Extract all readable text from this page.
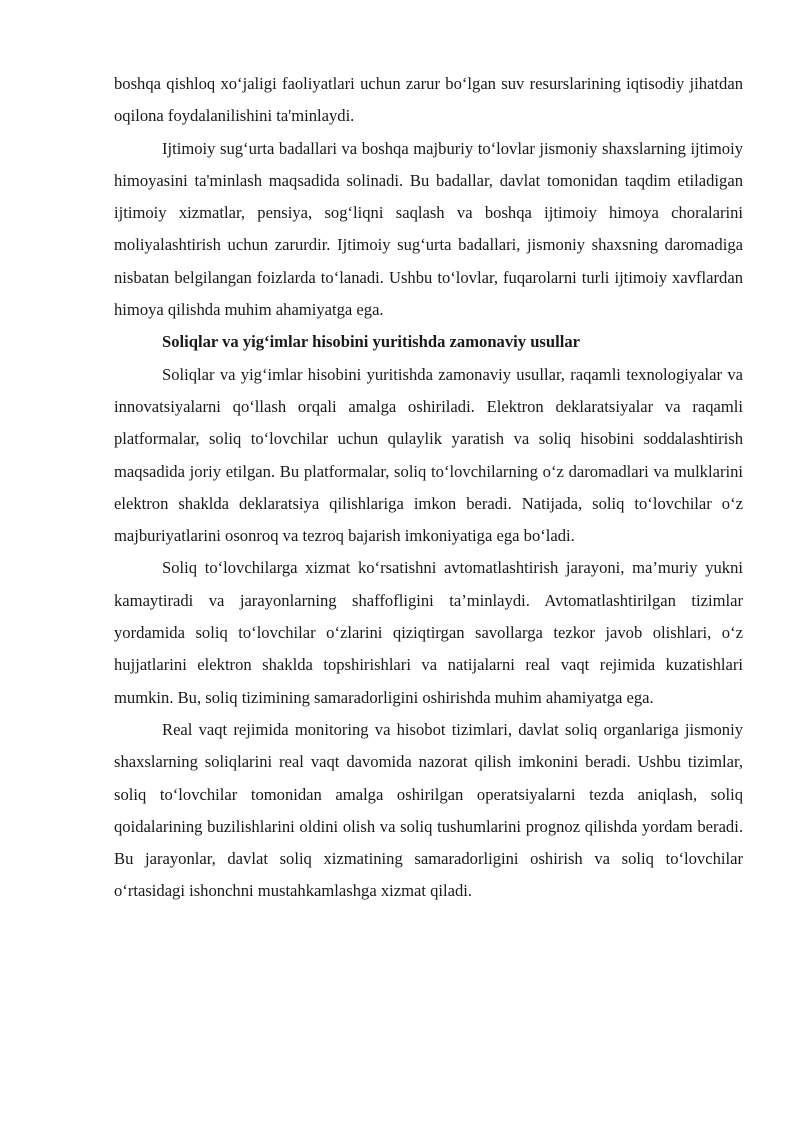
boshqa qishloq xo‘jaligi faoliyatlari uchun zarur bo‘lgan suv resurslarining iqtisodiy jihatdan oqilona foydalanilishini ta'minlaydi.

Ijtimoiy sug‘urta badallari va boshqa majburiy to‘lovlar jismoniy shaxslarning ijtimoiy himoyasini ta'minlash maqsadida solinadi. Bu badallar, davlat tomonidan taqdim etiladigan ijtimoiy xizmatlar, pensiya, sog‘liqni saqlash va boshqa ijtimoiy himoya choralarini moliyalashtirish uchun zarurdir. Ijtimoiy sug‘urta badallari, jismoniy shaxsning daromadiga nisbatan belgilangan foizlarda to‘lanadi. Ushbu to‘lovlar, fuqarolarni turli ijtimoiy xavflardan himoya qilishda muhim ahamiyatga ega.

Soliqlar va yig‘imlar hisobini yuritishda zamonaviy usullar

Soliqlar va yig‘imlar hisobini yuritishda zamonaviy usullar, raqamli texnologiyalar va innovatsiyalarni qo‘llash orqali amalga oshiriladi. Elektron deklaratsiyalar va raqamli platformalar, soliq to‘lovchilar uchun qulaylik yaratish va soliq hisobini soddalashtirish maqsadida joriy etilgan. Bu platformalar, soliq to‘lovchilarning o‘z daromadlari va mulklarini elektron shaklda deklaratsiya qilishlariga imkon beradi. Natijada, soliq to‘lovchilar o‘z majburiyatlarini osonroq va tezroq bajarish imkoniyatiga ega bo‘ladi.

Soliq to‘lovchilarga xizmat ko‘rsatishni avtomatlashtirish jarayoni, ma’muriy yukni kamaytiradi va jarayonlarning shaffofligini ta’minlaydi. Avtomatlashtirilgan tizimlar yordamida soliq to‘lovchilar o‘zlarini qiziqtirgan savollarga tezkor javob olishlari, o‘z hujjatlarini elektron shaklda topshirishlari va natijalarni real vaqt rejimida kuzatishlari mumkin. Bu, soliq tizimining samaradorligini oshirishda muhim ahamiyatga ega.

Real vaqt rejimida monitoring va hisobot tizimlari, davlat soliq organlariga jismoniy shaxslarning soliqlarini real vaqt davomida nazorat qilish imkonini beradi. Ushbu tizimlar, soliq to‘lovchilar tomonidan amalga oshirilgan operatsiyalarni tezda aniqlash, soliq qoidalarining buzilishlarini oldini olish va soliq tushumlarini prognoz qilishda yordam beradi. Bu jarayonlar, davlat soliq xizmatining samaradorligini oshirish va soliq to‘lovchilar o‘rtasidagi ishonchni mustahkamlashga xizmat qiladi.
